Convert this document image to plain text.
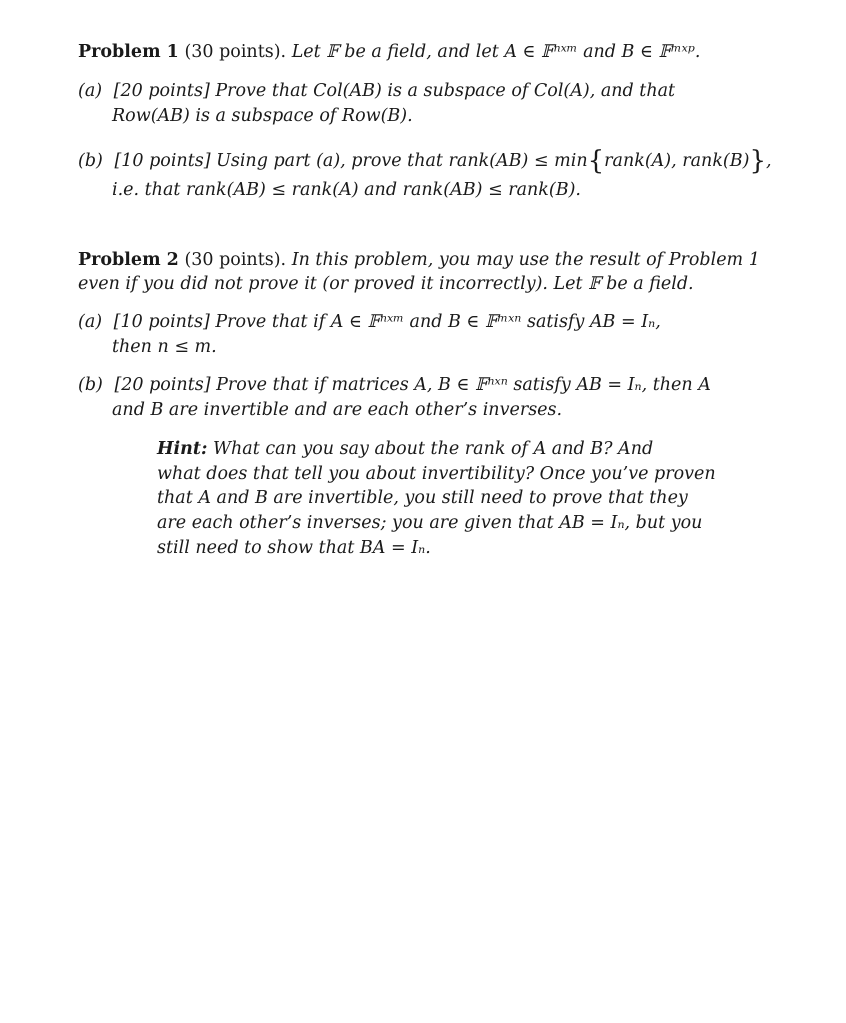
Problem 1 (30 points). Let 𝔽 be a field, and let A ∈ 𝔽ⁿˣᵐ and B ∈ 𝔽ᵐˣᵖ.
(a) [20 points] Prove that Col(AB) is a subspace of Col(A), and that
Row(AB) is a subspace of Row(B).
(b) [10 points] Using part (a), prove that rank(AB) ≤ min{rank(A), rank(B)},
i.e. that rank(AB) ≤ rank(A) and rank(AB) ≤ rank(B).
Problem 2 (30 points). In this problem, you may use the result of Problem 1
even if you did not prove it (or proved it incorrectly). Let 𝔽 be a field.
(a) [10 points] Prove that if A ∈ 𝔽ⁿˣᵐ and B ∈ 𝔽ᵐˣⁿ satisfy AB = Iₙ,
then n ≤ m.
(b) [20 points] Prove that if matrices A, B ∈ 𝔽ⁿˣⁿ satisfy AB = Iₙ, then A
and B are invertible and are each other’s inverses.
Hint: What can you say about the rank of A and B? And
what does that tell you about invertibility? Once you’ve proven
that A and B are invertible, you still need to prove that they
are each other’s inverses; you are given that AB = Iₙ, but you
still need to show that BA = Iₙ.
